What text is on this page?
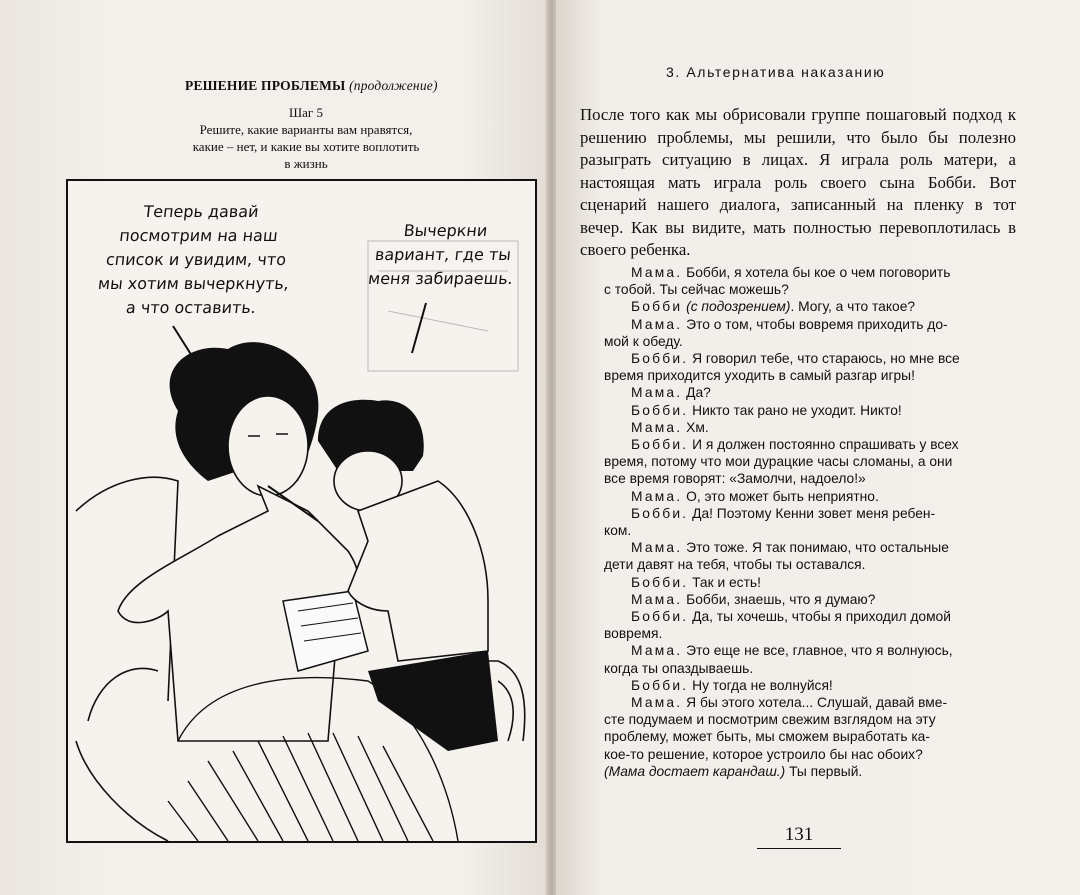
РЕШЕНИЕ ПРОБЛЕМЫ (продолжение)
Шаг 5
Решите, какие варианты вам нравятся,
какие – нет, и какие вы хотите воплотить
в жизнь
Теперь давай
посмотрим на наш
список и увидим, что
мы хотим вычеркнуть,
а что оставить.
Вычеркни
вариант, где ты
меня забираешь.
3. Альтернатива наказанию
После того как мы обрисовали группе пошаговый подход к решению проблемы, мы решили, что было бы полезно разыграть ситуацию в лицах. Я играла роль матери, а настоящая мать играла роль своего сына Бобби. Вот сценарий нашего диалога, записанный на пленку в тот вечер. Как вы видите, мать полностью перевоплотилась в своего ребенка.
Мама. Бобби, я хотела бы кое о чем поговорить
с тобой. Ты сейчас можешь?
Бобби (с подозрением). Могу, а что такое?
Мама. Это о том, чтобы вовремя приходить до-
мой к обеду.
Бобби. Я говорил тебе, что стараюсь, но мне все
время приходится уходить в самый разгар игры!
Мама. Да?
Бобби. Никто так рано не уходит. Никто!
Мама. Хм.
Бобби. И я должен постоянно спрашивать у всех
время, потому что мои дурацкие часы сломаны, а они
все время говорят: «Замолчи, надоело!»
Мама. О, это может быть неприятно.
Бобби. Да! Поэтому Кенни зовет меня ребен-
ком.
Мама. Это тоже. Я так понимаю, что остальные
дети давят на тебя, чтобы ты оставался.
Бобби. Так и есть!
Мама. Бобби, знаешь, что я думаю?
Бобби. Да, ты хочешь, чтобы я приходил домой
вовремя.
Мама. Это еще не все, главное, что я волнуюсь,
когда ты опаздываешь.
Бобби. Ну тогда не волнуйся!
Мама. Я бы этого хотела... Слушай, давай вме-
сте подумаем и посмотрим свежим взглядом на эту
проблему, может быть, мы сможем выработать ка-
кое-то решение, которое устроило бы нас обоих?
(Мама достает карандаш.) Ты первый.
131
